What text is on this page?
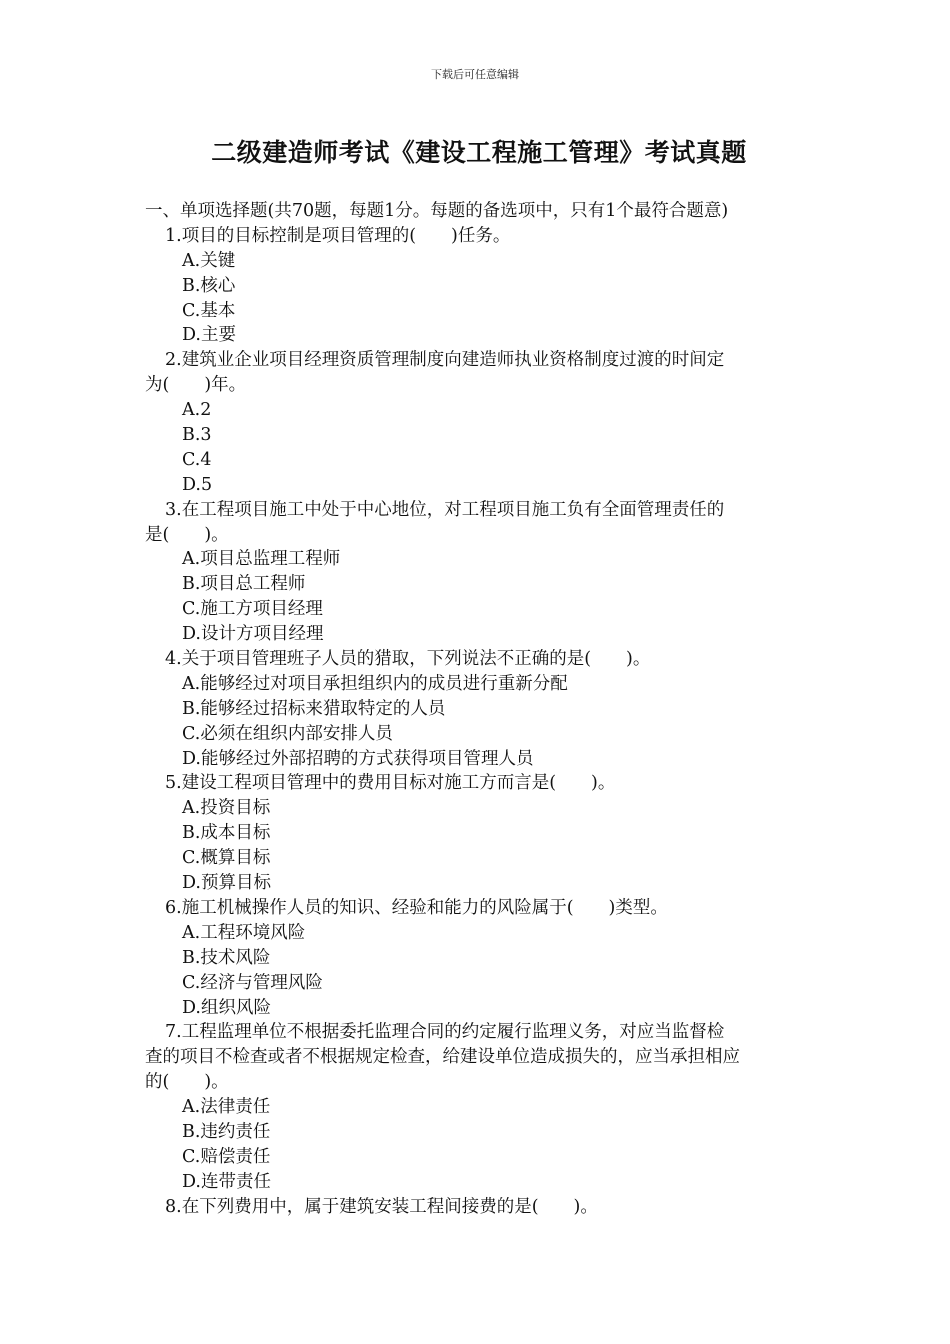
下载后可任意编辑
二级建造师考试《建设工程施工管理》考试真题
一、单项选择题(共70题，每题1分。每题的备选项中，只有1个最符合题意)
1.项目的目标控制是项目管理的(　　)任务。
A.关键
B.核心
C.基本
D.主要
2.建筑业企业项目经理资质管理制度向建造师执业资格制度过渡的时间定
为(　　)年。
A.2
B.3
C.4
D.5
3.在工程项目施工中处于中心地位，对工程项目施工负有全面管理责任的
是(　　)。
A.项目总监理工程师
B.项目总工程师
C.施工方项目经理
D.设计方项目经理
4.关于项目管理班子人员的猎取，下列说法不正确的是(　　)。
A.能够经过对项目承担组织内的成员进行重新分配
B.能够经过招标来猎取特定的人员
C.必须在组织内部安排人员
D.能够经过外部招聘的方式获得项目管理人员
5.建设工程项目管理中的费用目标对施工方而言是(　　)。
A.投资目标
B.成本目标
C.概算目标
D.预算目标
6.施工机械操作人员的知识、经验和能力的风险属于(　　)类型。
A.工程环境风险
B.技术风险
C.经济与管理风险
D.组织风险
7.工程监理单位不根据委托监理合同的约定履行监理义务，对应当监督检
查的项目不检查或者不根据规定检查，给建设单位造成损失的，应当承担相应
的(　　)。
A.法律责任
B.违约责任
C.赔偿责任
D.连带责任
8.在下列费用中，属于建筑安装工程间接费的是(　　)。
